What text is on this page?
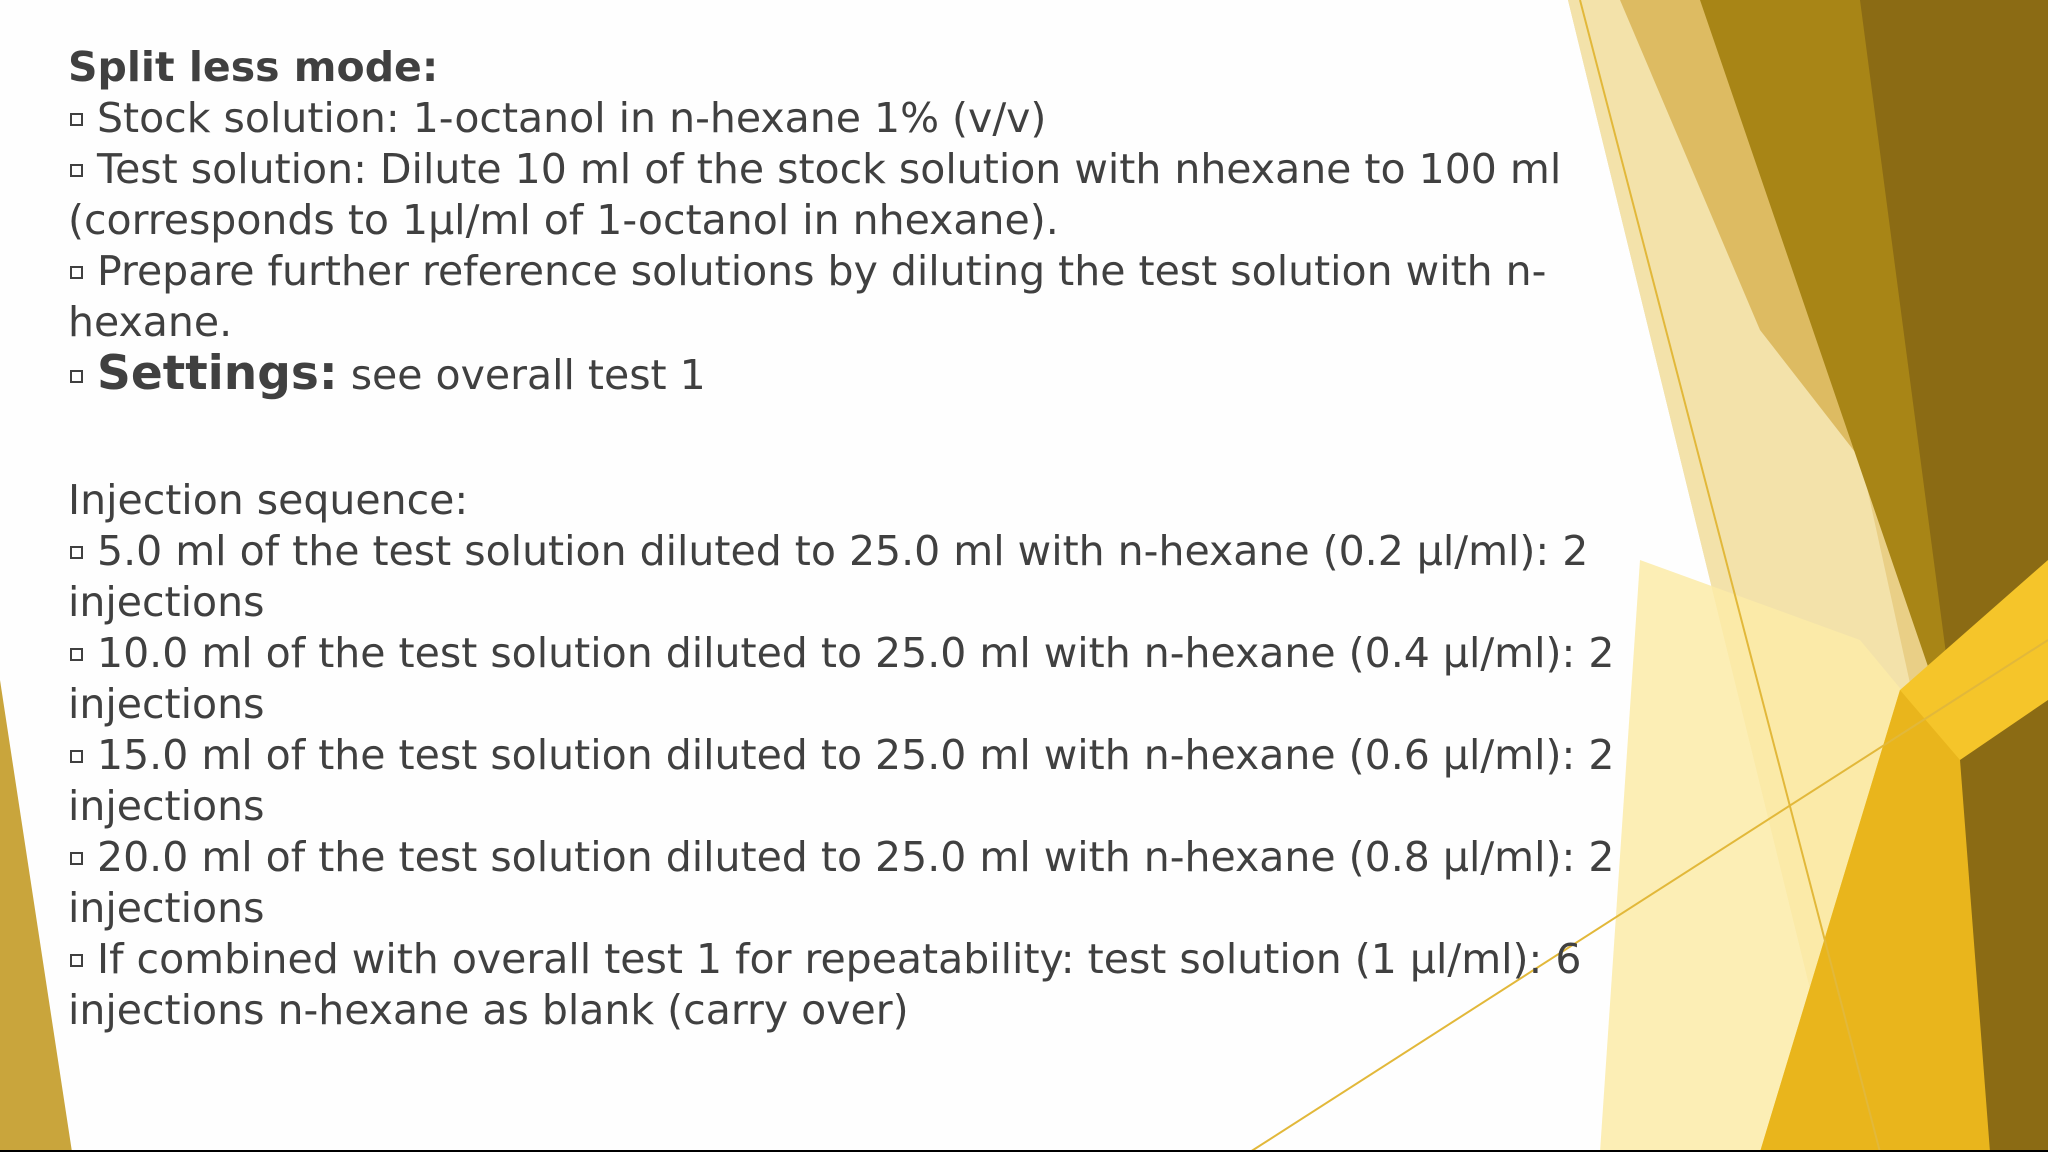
Split less mode:

Stock solution: 1-octanol in n-hexane 1% (v/v)

Test solution: Dilute 10 ml of the stock solution with nhexane to 100 ml (corresponds to 1µl/ml of 1-octanol in nhexane).

Prepare further reference solutions by diluting the test solution with n-hexane.

Settings: see overall test 1

Injection sequence:

5.0 ml of the test solution diluted to 25.0 ml with n-hexane (0.2 µl/ml): 2 injections

10.0 ml of the test solution diluted to 25.0 ml with n-hexane (0.4 µl/ml): 2 injections

15.0 ml of the test solution diluted to 25.0 ml with n-hexane (0.6 µl/ml): 2 injections

20.0 ml of the test solution diluted to 25.0 ml with n-hexane (0.8 µl/ml): 2 injections

If combined with overall test 1 for repeatability: test solution (1 µl/ml): 6 injections n-hexane as blank (carry over)
